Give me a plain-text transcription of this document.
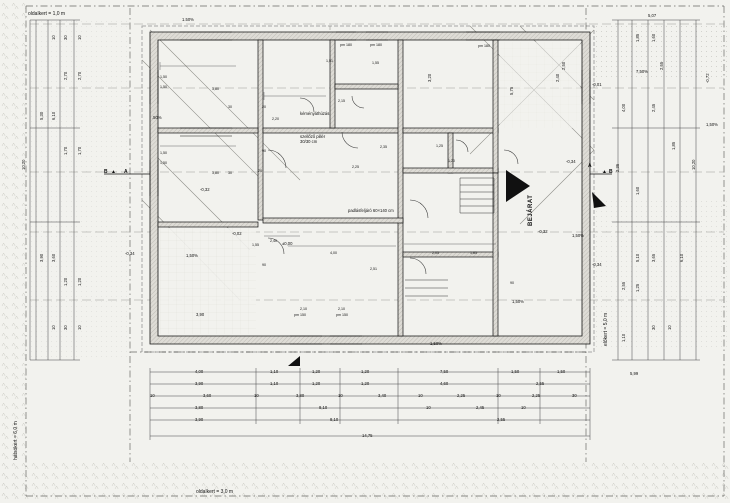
oldalkert = 1,0 m
oldalkert = 3,0 m
hátsókert = 6,0 m
előkert = 5,0 m
BEJÁRAT
B ▲ A
A
B
▲
1.50%
5,07
-0,01
7,50%
1,50%
.50%
-0,32
-0,34
-0,34
-0,02
±0,00
-0,32
1,50%
-0,34
1,50%
1,50%
1,50%
padlásfeljáró 60×140 cm
kéményáthúzás
szellőző pillér
30/30 cm
5,99
3,90
pm 180	pm 180	pm 180
pm 150	pm 150
10,20
5,30 6,10
2,70
1,70
2,70
1,70
3,90 3,60
1,20 1,20
10 30 10
30
10	10	1,85	1,60
2,45
4,00
2,55
1,85
1,60
10,20
6,10
3,65
5,10
2,55 1,25
1,10
30	10
2,40
5,75
2,50
3,20
2,35
-0,72
1,50
1,50	3,80
1,50
1,50
3,80
2,25
1,85
4,00
2,51
2,05
1,55
2,40
2,10	2,10
1,51	1,55
2,15
2,20
2,35	1,25
1,20
90
90
90
20
20
30
30
4,00	1,10	1,20	1,20	7,50	1,50	1,50
3,90	1,10	1,20	1,20	4,60	2,55
10	3,60	10	3,80	10	3,40	10	2,25	10	2,25	30
3,80	8,10	10	2,45	10
3,90	8,10	2,55
14,75
